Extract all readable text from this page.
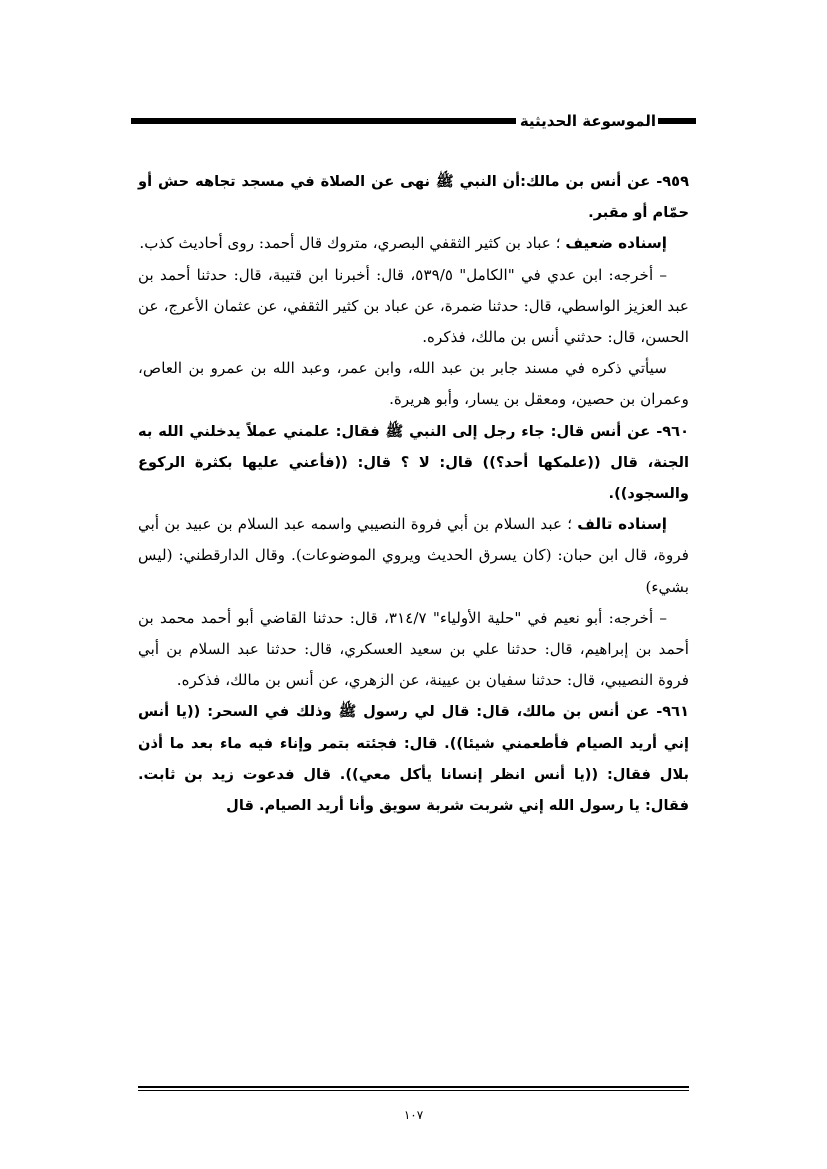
الموسوعة الحديثية

٩٥٩- عن أنس بن مالك:أن النبي ﷺ نهى عن الصلاة في مسجد تجاهه حش أو حمّام أو مقبر.

إسناده ضعيف ؛ عباد بن كثير الثقفي البصري، متروك قال أحمد: روى أحاديث كذب.

– أخرجه: ابن عدي في "الكامل" ٥٣٩/٥، قال: أخبرنا ابن قتيبة، قال: حدثنا أحمد بن عبد العزيز الواسطي، قال: حدثنا ضمرة، عن عباد بن كثير الثقفي، عن عثمان الأعرج، عن الحسن، قال: حدثني أنس بن مالك، فذكره.

سيأتي ذكره في مسند جابر بن عبد الله، وابن عمر، وعبد الله بن عمرو بن العاص، وعمران بن حصين، ومعقل بن يسار، وأبو هريرة.

٩٦٠- عن أنس قال: جاء رجل إلى النبي ﷺ فقال: علمني عملاً يدخلني الله به الجنة، قال ((علمكها أحد؟)) قال: لا ؟ قال: ((فأعني عليها بكثرة الركوع والسجود)).

إسناده تالف ؛ عبد السلام بن أبي فروة النصيبي واسمه عبد السلام بن عبيد بن أبي فروة، قال ابن حبان: (كان يسرق الحديث ويروي الموضوعات). وقال الدارقطني: (ليس بشيء)

– أخرجه: أبو نعيم في "حلية الأولياء" ٣١٤/٧، قال: حدثنا القاضي أبو أحمد محمد بن أحمد بن إبراهيم، قال: حدثنا علي بن سعيد العسكري، قال: حدثنا عبد السلام بن أبي فروة النصيبي، قال: حدثنا سفيان بن عيينة، عن الزهري، عن أنس بن مالك، فذكره.

٩٦١- عن أنس بن مالك، قال: قال لي رسول ﷺ وذلك في السحر: ((يا أنس إني أريد الصيام فأطعمني شيئا)). قال: فجئته بتمر وإناء فيه ماء بعد ما أذن بلال فقال: ((يا أنس انظر إنسانا يأكل معي)). قال فدعوت زيد بن ثابت. فقال: يا رسول الله إني شربت شربة سويق وأنا أريد الصيام. قال

١٠٧
